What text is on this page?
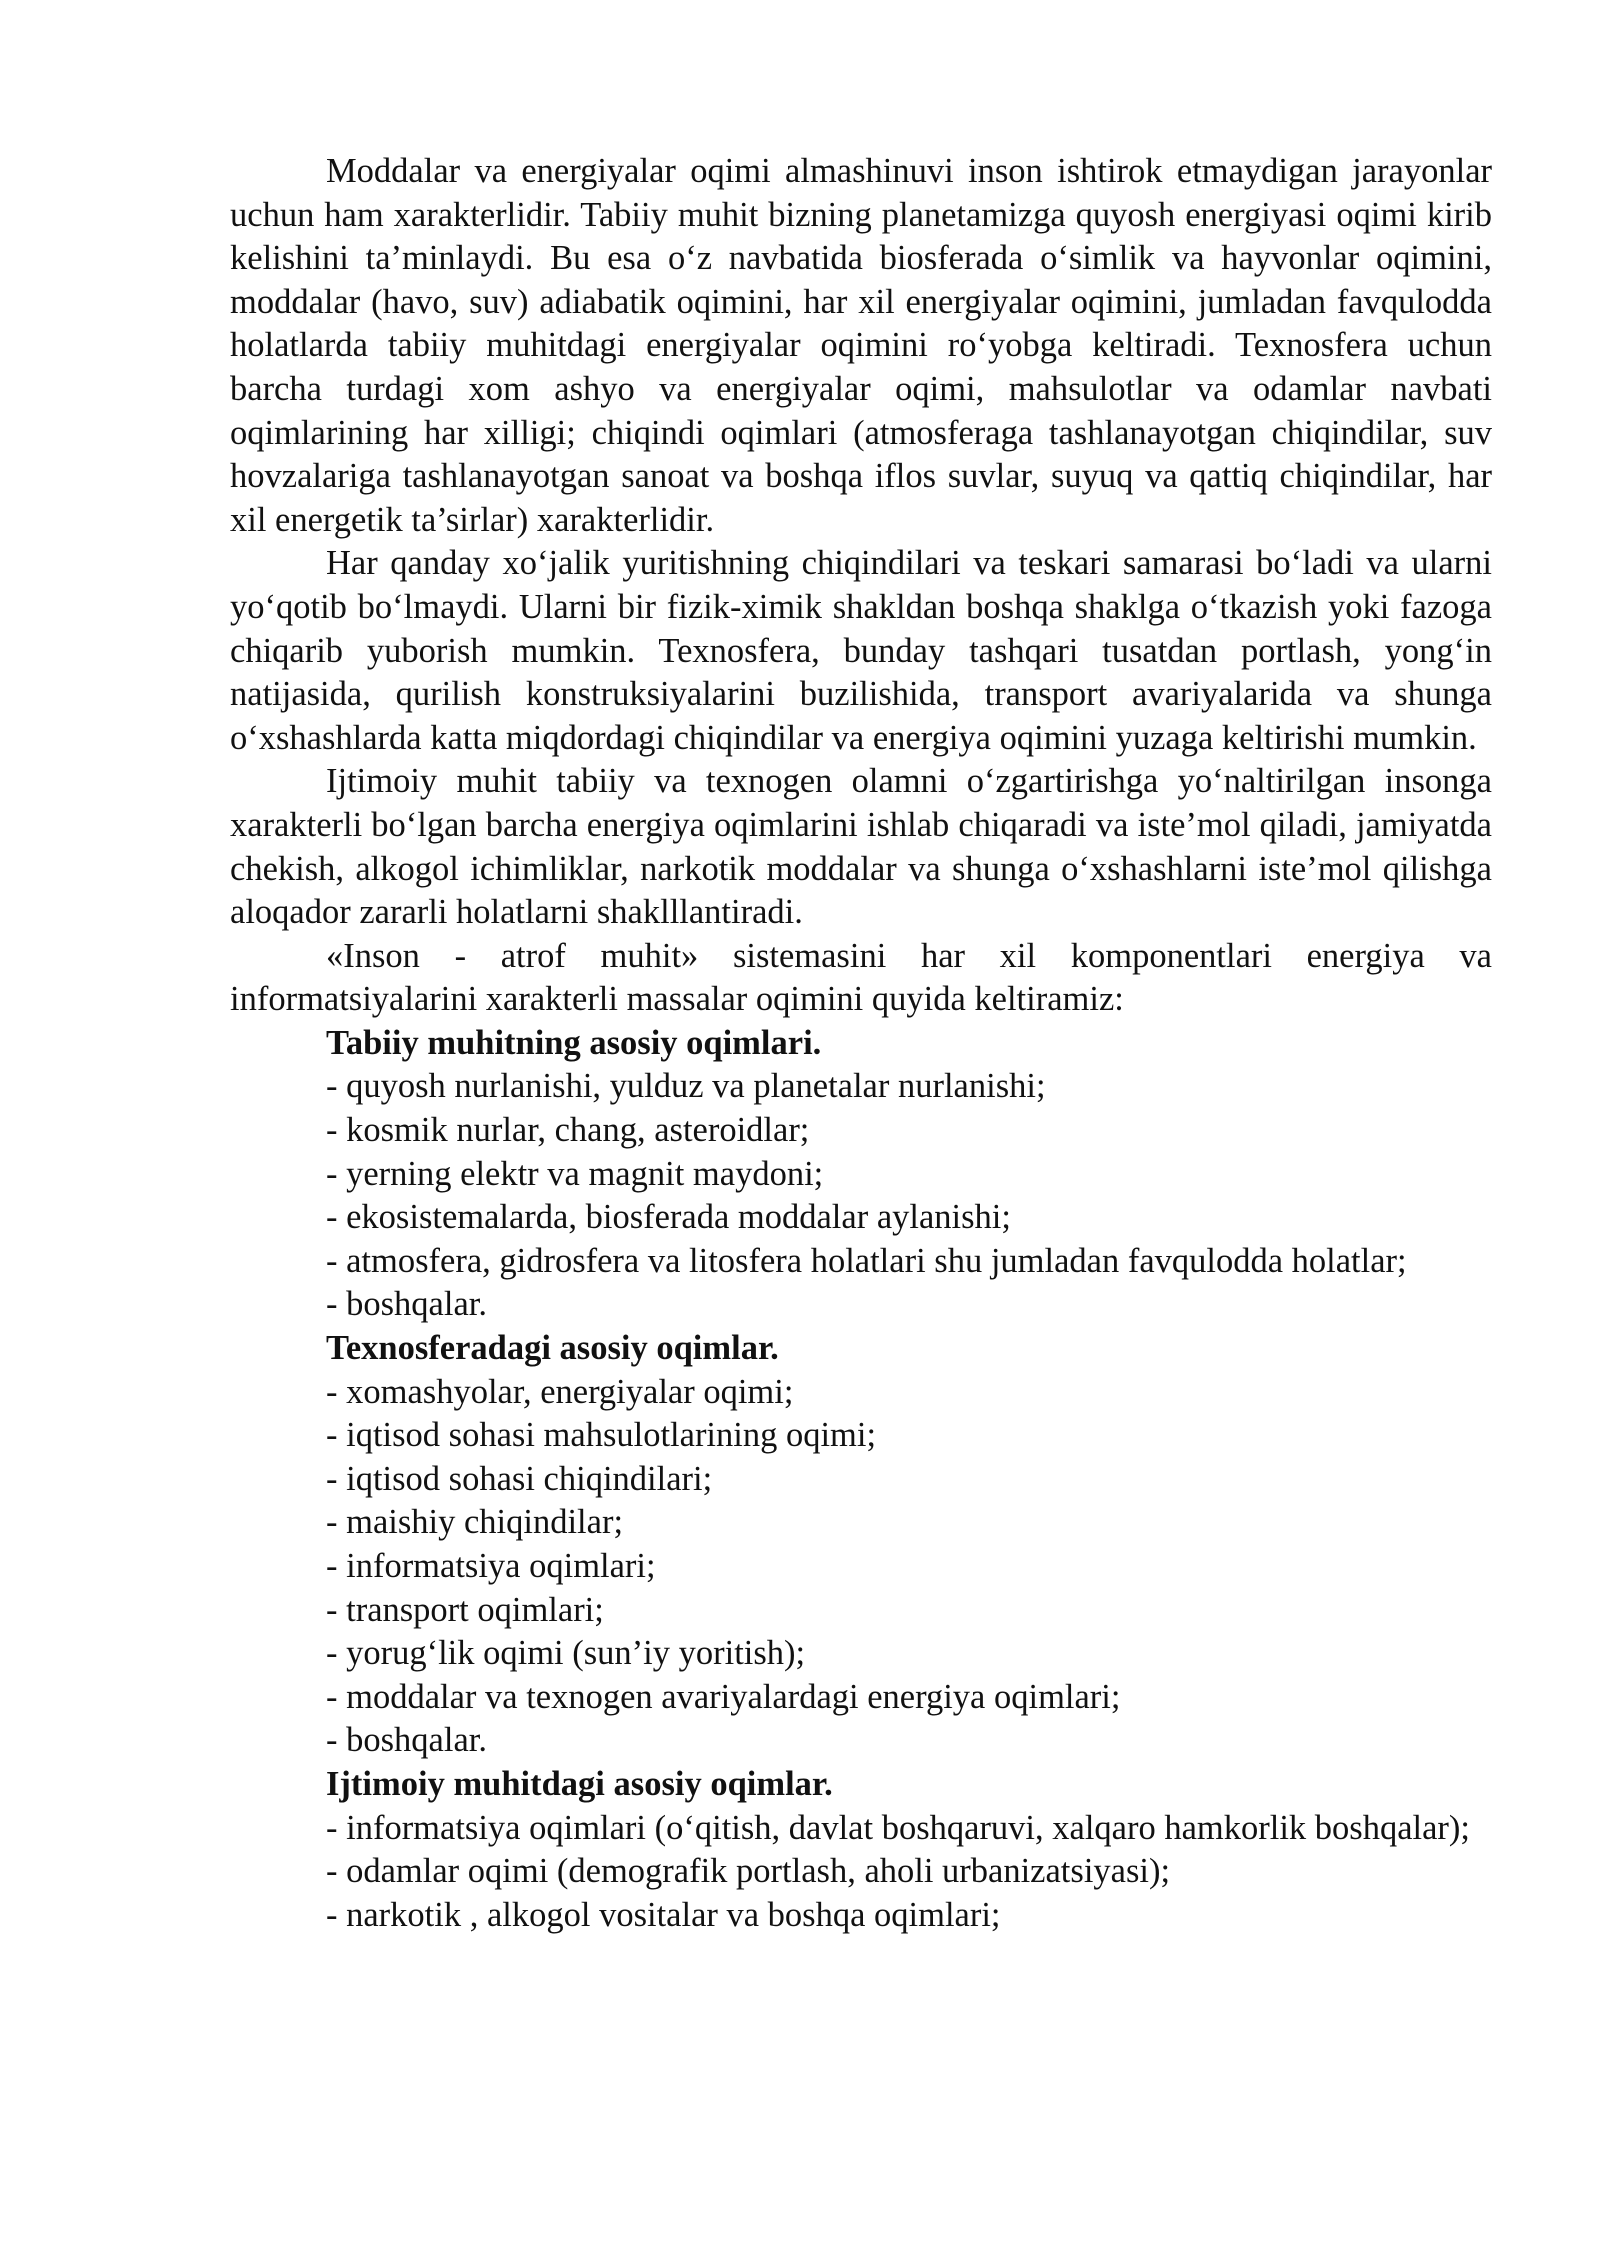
Moddalar va energiyalar oqimi almashinuvi inson ishtirok etmaydigan jarayonlar uchun ham xarakterlidir. Tabiiy muhit bizning planetamizga quyosh energiyasi oqimi kirib kelishini ta’minlaydi. Bu esa o‘z navbatida biosferada o‘simlik va hayvonlar oqimini, moddalar (havo, suv) adiabatik oqimini, har xil energiyalar oqimini, jumladan favqulodda holatlarda tabiiy muhitdagi energiyalar oqimini ro‘yobga keltiradi. Texnosfera uchun barcha turdagi xom ashyo va energiyalar oqimi, mahsulotlar va odamlar navbati oqimlarining har xilligi; chiqindi oqimlari (atmosferaga tashlanayotgan chiqindilar, suv hovzalariga tashlanayotgan sanoat va boshqa iflos suvlar, suyuq va qattiq chiqindilar, har xil energetik ta’sirlar) xarakterlidir.

Har qanday xo‘jalik yuritishning chiqindilari va teskari samarasi bo‘ladi va ularni yo‘qotib bo‘lmaydi. Ularni bir fizik-ximik shakldan boshqa shaklga o‘tkazish yoki fazoga chiqarib yuborish mumkin. Texnosfera, bunday tashqari tusatdan portlash, yong‘in natijasida, qurilish konstruksiyalarini buzilishida, transport avariyalarida va shunga o‘xshashlarda katta miqdordagi chiqindilar va energiya oqimini yuzaga keltirishi mumkin.

Ijtimoiy muhit tabiiy va texnogen olamni o‘zgartirishga yo‘naltirilgan insonga xarakterli bo‘lgan barcha energiya oqimlarini ishlab chiqaradi va iste’mol qiladi, jamiyatda chekish, alkogol ichimliklar, narkotik moddalar va shunga o‘xshashlarni iste’mol qilishga aloqador zararli holatlarni shaklllantiradi.

«Inson - atrof muhit» sistemasini har xil komponentlari energiya va informatsiyalarini xarakterli massalar oqimini quyida keltiramiz:

Tabiiy muhitning asosiy oqimlari.

- quyosh nurlanishi, yulduz va planetalar nurlanishi;

- kosmik nurlar, chang, asteroidlar;

- yerning elektr va magnit maydoni;

- ekosistemalarda, biosferada moddalar aylanishi;

- atmosfera, gidrosfera va litosfera holatlari shu jumladan favqulodda holatlar;

- boshqalar.

Texnosferadagi asosiy oqimlar.

- xomashyolar, energiyalar oqimi;

- iqtisod sohasi mahsulotlarining oqimi;

- iqtisod sohasi chiqindilari;

- maishiy chiqindilar;

- informatsiya oqimlari;

- transport oqimlari;

- yorug‘lik oqimi (sun’iy yoritish);

- moddalar va texnogen avariyalardagi energiya oqimlari;

- boshqalar.

Ijtimoiy muhitdagi asosiy oqimlar.

- informatsiya oqimlari (o‘qitish, davlat boshqaruvi, xalqaro hamkorlik boshqalar);

- odamlar oqimi (demografik portlash, aholi urbanizatsiyasi);

- narkotik , alkogol vositalar va boshqa oqimlari;
